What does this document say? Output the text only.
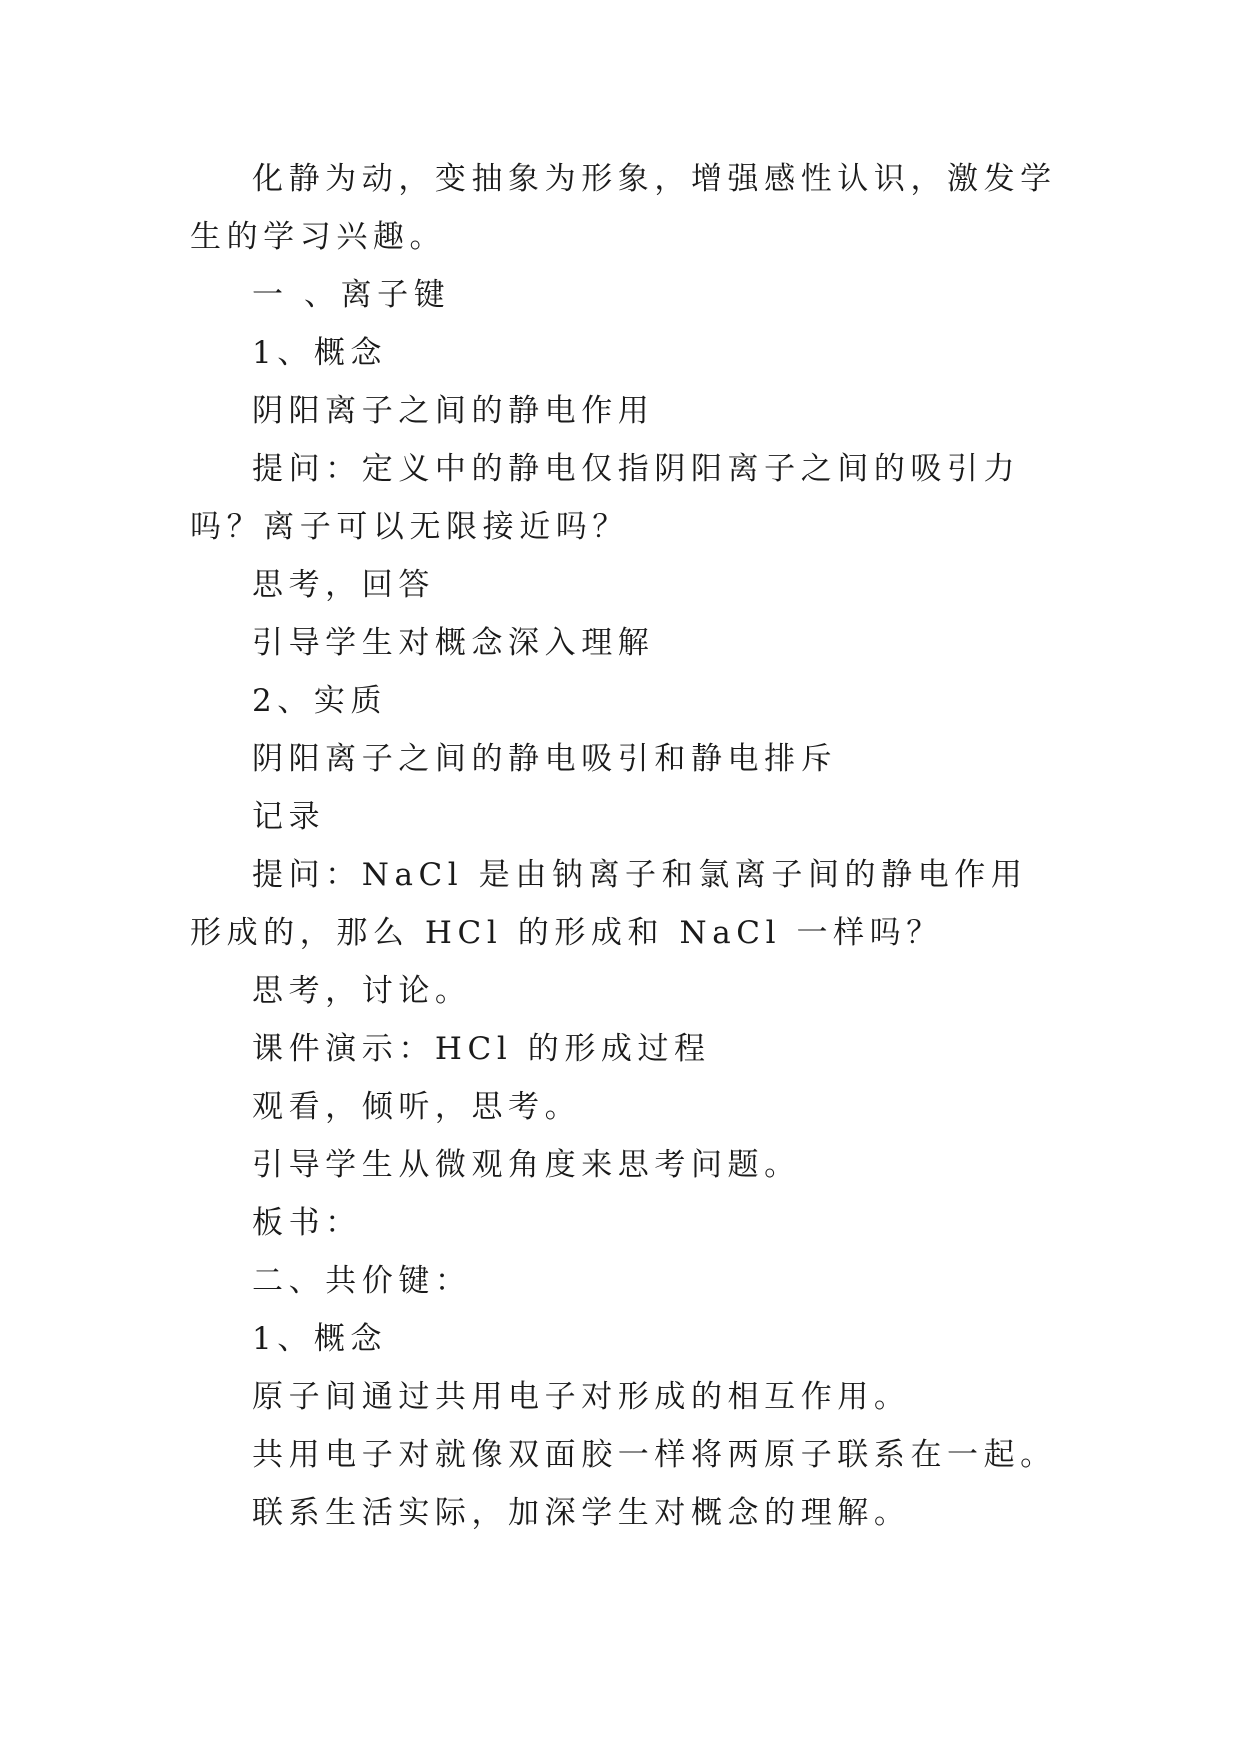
化静为动，变抽象为形象，增强感性认识，激发学生的学习兴趣。

一 、离子键

1、概念

阴阳离子之间的静电作用

提问：定义中的静电仅指阴阳离子之间的吸引力吗？离子可以无限接近吗？

思考，回答

引导学生对概念深入理解

2、实质

阴阳离子之间的静电吸引和静电排斥

记录

提问：NaCl 是由钠离子和氯离子间的静电作用形成的，那么 HCl 的形成和 NaCl 一样吗？

思考，讨论。

课件演示：HCl 的形成过程

观看，倾听，思考。

引导学生从微观角度来思考问题。

板书：

二、共价键：

1、概念

原子间通过共用电子对形成的相互作用。

共用电子对就像双面胶一样将两原子联系在一起。

联系生活实际，加深学生对概念的理解。
